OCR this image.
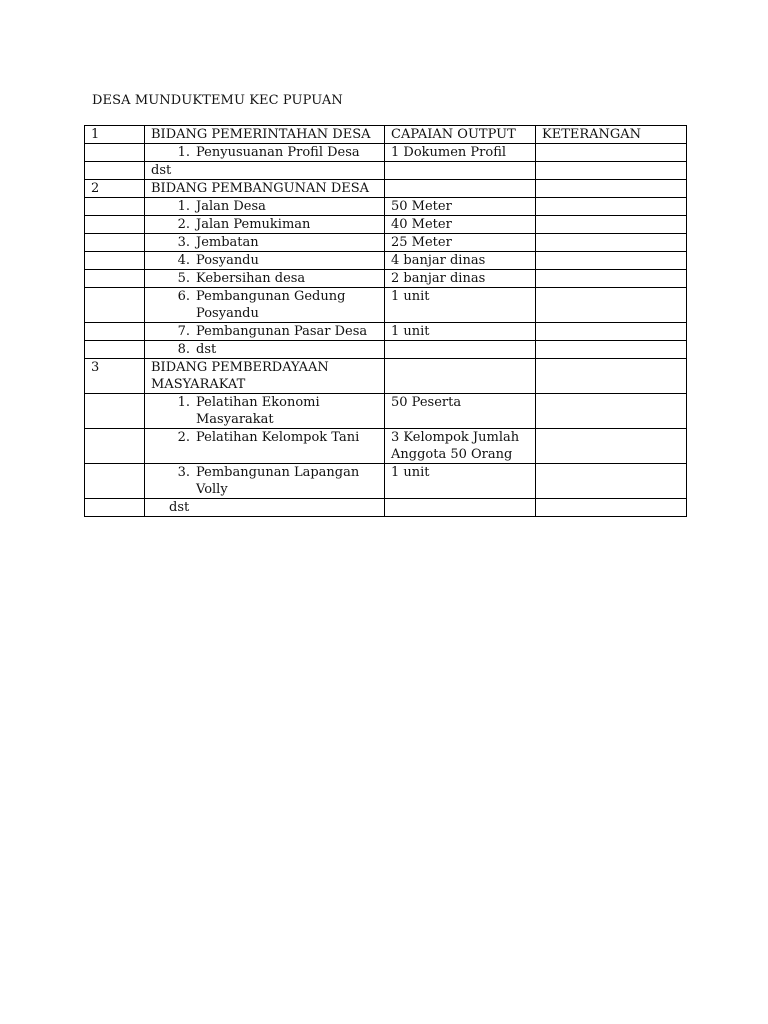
DESA MUNDUKTEMU KEC PUPUAN
1	BIDANG PEMERINTAHAN DESA	CAPAIAN OUTPUT	KETERANGAN

	1. Penyusuanan Profil Desa	1 Dokumen Profil	
	dst		
2	BIDANG PEMBANGUNAN DESA		

	1. Jalan Desa	50 Meter	

	2. Jalan Pemukiman	40 Meter	

	3. Jembatan	25 Meter	

	4. Posyandu	4 banjar dinas	

	5. Kebersihan desa	2 banjar dinas	

	6. Pembangunan Gedung Posyandu	1 unit	

	7. Pembangunan Pasar Desa	1 unit	

	8. dst		

3	BIDANG PEMBERDAYAAN MASYARAKAT		

	1. Pelatihan Ekonomi Masyarakat	50 Peserta	

	2. Pelatihan Kelompok Tani	3 Kelompok Jumlah Anggota 50 Orang	

	3. Pembangunan Lapangan Volly	1 unit	
	dst		
